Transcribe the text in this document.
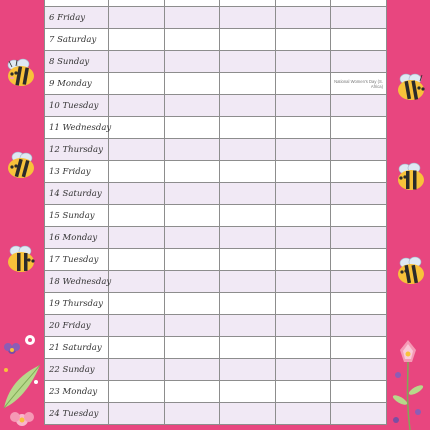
6 Friday					
7 Saturday					
8 Sunday					
9 Monday					National Women's Day (S. Africa)

10 Tuesday					
11 Wednesday					
12 Thursday					
13 Friday					
14 Saturday					
15 Sunday					
16 Monday					
17 Tuesday					
18 Wednesday					
19 Thursday					
20 Friday					
21 Saturday					
22 Sunday					
23 Monday					
24 Tuesday					
